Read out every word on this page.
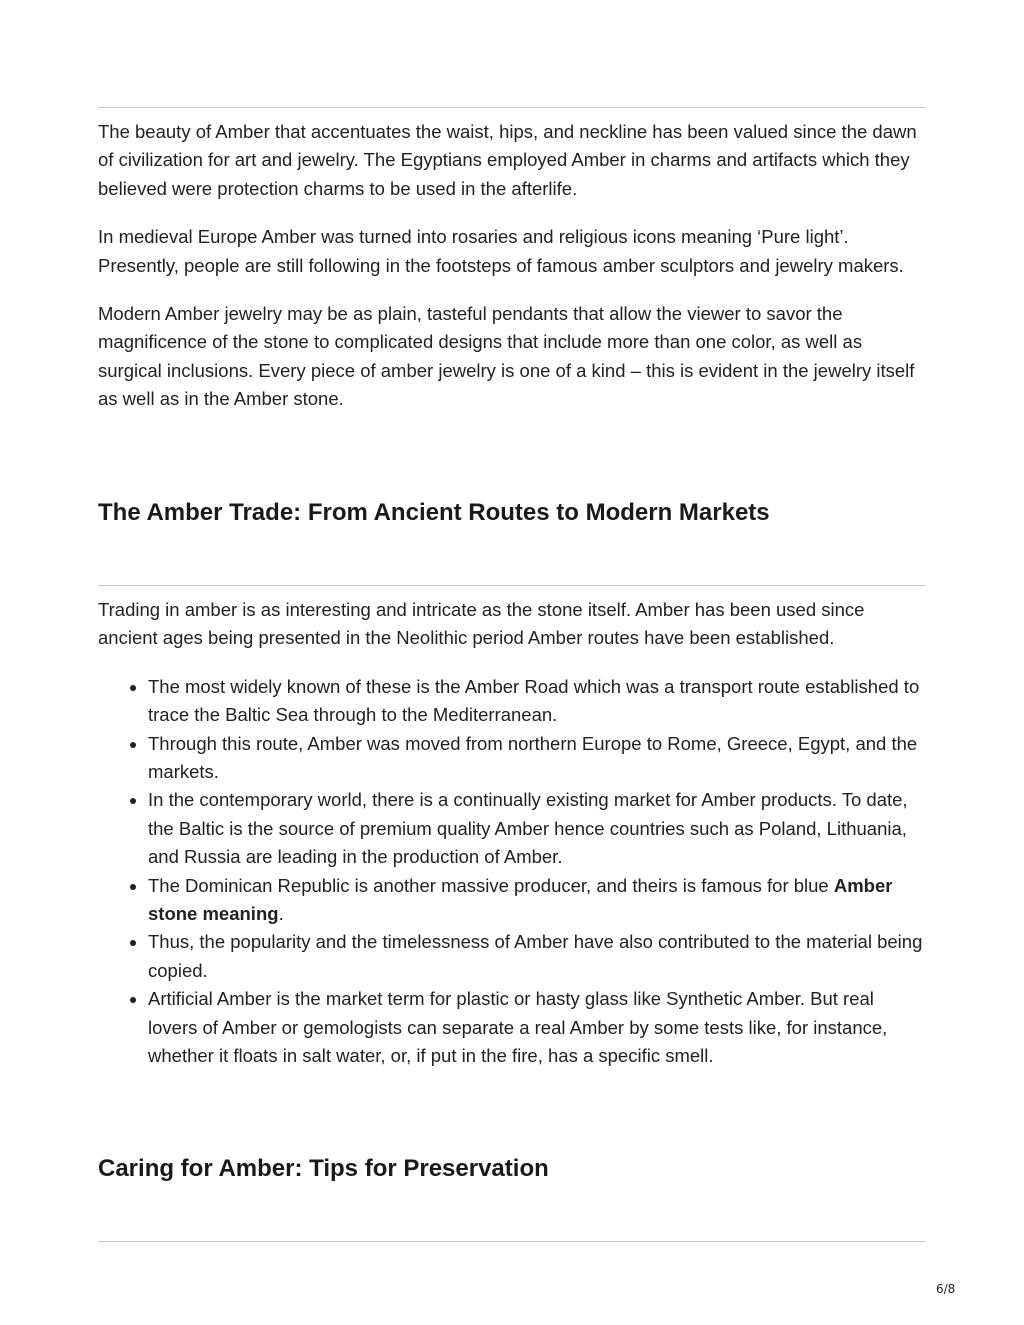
The beauty of Amber that accentuates the waist, hips, and neckline has been valued since the dawn of civilization for art and jewelry. The Egyptians employed Amber in charms and artifacts which they believed were protection charms to be used in the afterlife.

In medieval Europe Amber was turned into rosaries and religious icons meaning ‘Pure light’. Presently, people are still following in the footsteps of famous amber sculptors and jewelry makers.

Modern Amber jewelry may be as plain, tasteful pendants that allow the viewer to savor the magnificence of the stone to complicated designs that include more than one color, as well as surgical inclusions. Every piece of amber jewelry is one of a kind – this is evident in the jewelry itself as well as in the Amber stone.

The Amber Trade: From Ancient Routes to Modern Markets

Trading in amber is as interesting and intricate as the stone itself. Amber has been used since ancient ages being presented in the Neolithic period Amber routes have been established.

The most widely known of these is the Amber Road which was a transport route established to trace the Baltic Sea through to the Mediterranean.
Through this route, Amber was moved from northern Europe to Rome, Greece, Egypt, and the markets.
In the contemporary world, there is a continually existing market for Amber products. To date, the Baltic is the source of premium quality Amber hence countries such as Poland, Lithuania, and Russia are leading in the production of Amber.
The Dominican Republic is another massive producer, and theirs is famous for blue Amber stone meaning.
Thus, the popularity and the timelessness of Amber have also contributed to the material being copied.
Artificial Amber is the market term for plastic or hasty glass like Synthetic Amber. But real lovers of Amber or gemologists can separate a real Amber by some tests like, for instance, whether it floats in salt water, or, if put in the fire, has a specific smell.
Caring for Amber: Tips for Preservation
6/8
